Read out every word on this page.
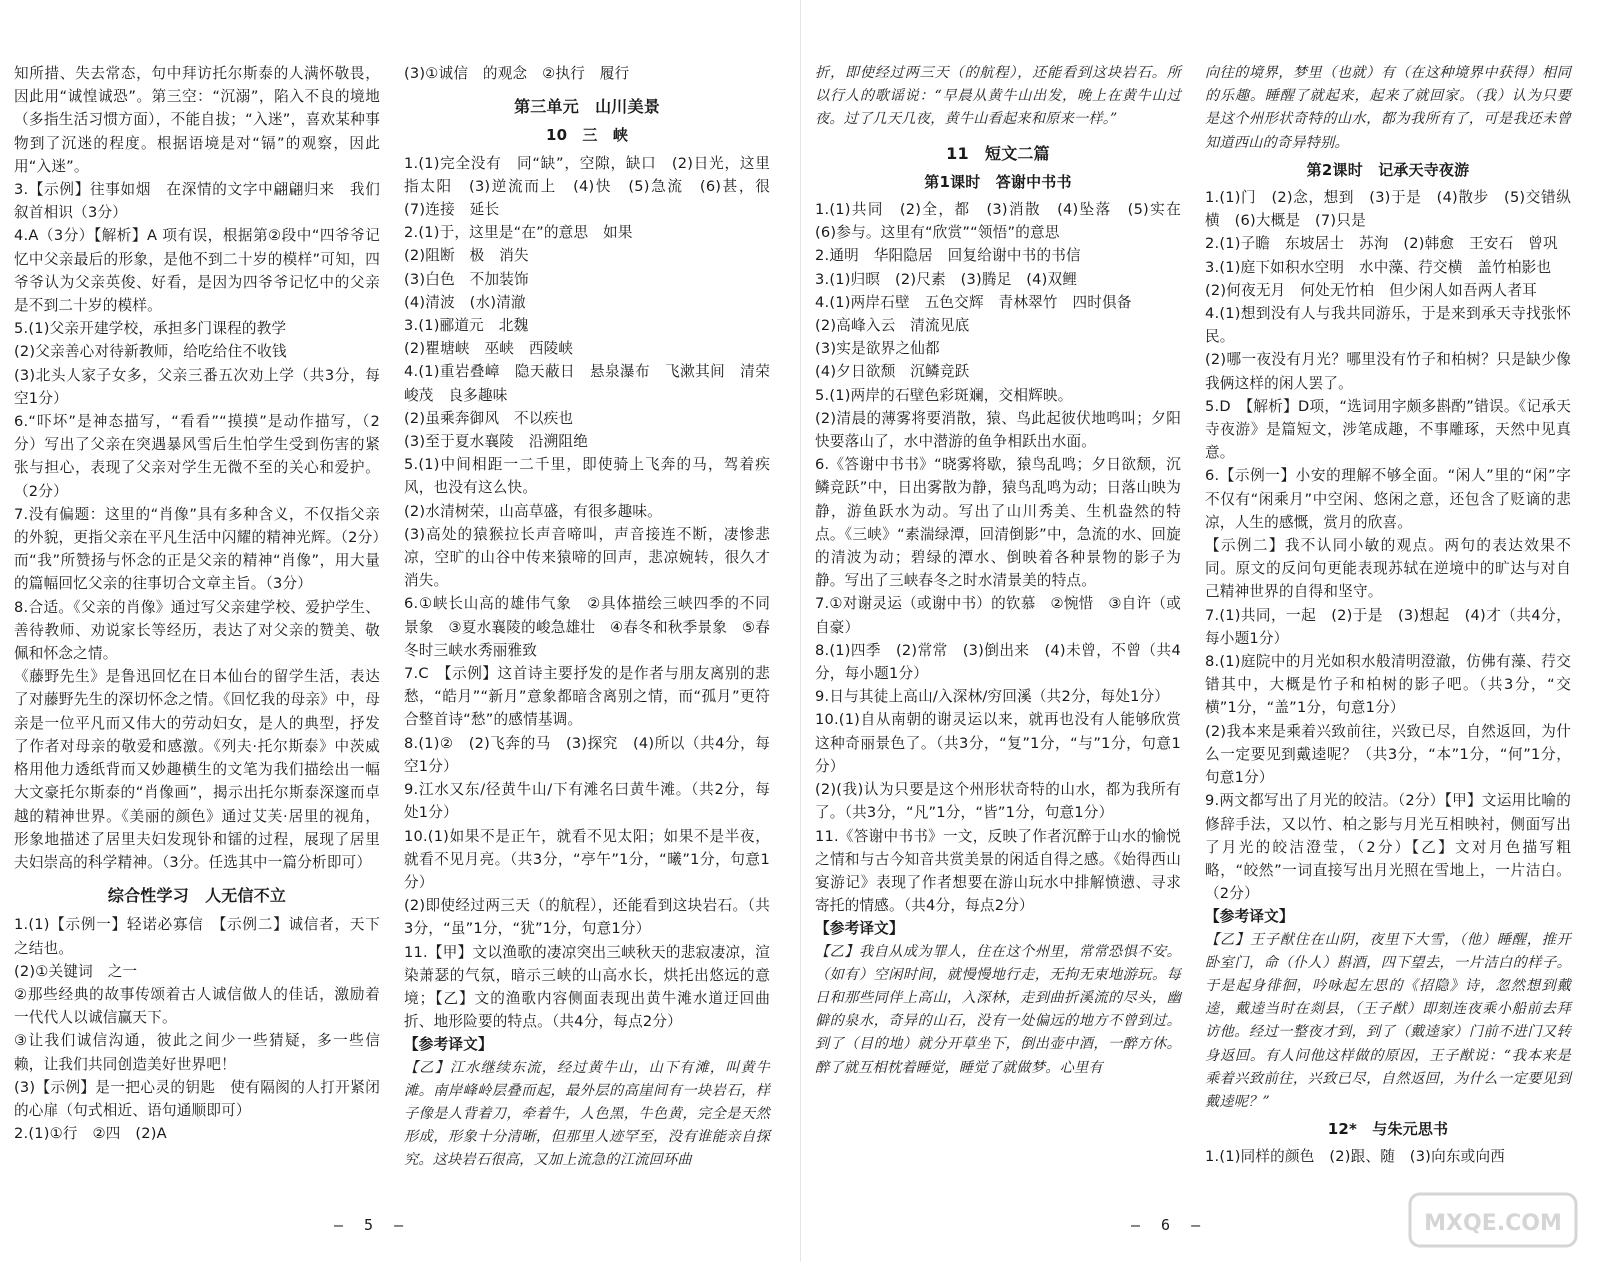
知所措、失去常态，句中拜访托尔斯泰的人满怀敬畏，因此用“诚惶诚恐”。第三空：“沉溺”，陷入不良的境地（多指生活习惯方面），不能自拔；“入迷”，喜欢某种事物到了沉迷的程度。根据语境是对“镉”的观察，因此用“入迷”。

3.【示例】往事如烟　在深情的文字中翩翩归来　我们叙首相识（3分）

4.A（3分）【解析】A 项有误，根据第②段中“四爷爷记忆中父亲最后的形象，是他不到二十岁的模样”可知，四爷爷认为父亲英俊、好看，是因为四爷爷记忆中的父亲是不到二十岁的模样。

5.(1)父亲开建学校，承担多门课程的教学

(2)父亲善心对待新教师，给吃给住不收钱

(3)北头人家子女多，父亲三番五次劝上学（共3分，每空1分）

6.“吓坏”是神态描写，“看看”“摸摸”是动作描写，（2分）写出了父亲在突遇暴风雪后生怕学生受到伤害的紧张与担心，表现了父亲对学生无微不至的关心和爱护。（2分）

7.没有偏题：这里的“肖像”具有多种含义，不仅指父亲的外貌，更指父亲在平凡生活中闪耀的精神光辉。（2分）而“我”所赞扬与怀念的正是父亲的精神“肖像”，用大量的篇幅回忆父亲的往事切合文章主旨。（3分）

8.合适。《父亲的肖像》通过写父亲建学校、爱护学生、善待教师、劝说家长等经历，表达了对父亲的赞美、敬佩和怀念之情。

《藤野先生》是鲁迅回忆在日本仙台的留学生活，表达了对藤野先生的深切怀念之情。《回忆我的母亲》中，母亲是一位平凡而又伟大的劳动妇女，是人的典型，抒发了作者对母亲的敬爱和感激。《列夫·托尔斯泰》中茨威格用他力透纸背而又妙趣横生的文笔为我们描绘出一幅大文豪托尔斯泰的“肖像画”，揭示出托尔斯泰深邃而卓越的精神世界。《美丽的颜色》通过艾芙·居里的视角，形象地描述了居里夫妇发现钋和镭的过程，展现了居里夫妇崇高的科学精神。（3分。任选其中一篇分析即可）

综合性学习　人无信不立

1.(1)【示例一】轻诺必寡信　【示例二】诚信者，天下之结也。

(2)①关键词　之一

②那些经典的故事传颂着古人诚信做人的佳话，激励着一代代人以诚信赢天下。

③让我们诚信沟通，彼此之间少一些猜疑，多一些信赖，让我们共同创造美好世界吧！

(3)【示例】是一把心灵的钥匙　使有隔阂的人打开紧闭的心扉（句式相近、语句通顺即可）

2.(1)①行　②四　(2)A

(3)①诚信　的观念　②执行　履行

第三单元　山川美景

10　三　峡

1.(1)完全没有　同“缺”，空隙，缺口　(2)日光，这里指太阳　(3)逆流而上　(4)快　(5)急流　(6)甚，很　(7)连接　延长

2.(1)于，这里是“在”的意思　如果

(2)阻断　极　消失

(3)白色　不加装饰

(4)清波　(水)清澈

3.(1)郦道元　北魏

(2)瞿塘峡　巫峡　西陵峡

4.(1)重岩叠嶂　隐天蔽日　悬泉瀑布　飞漱其间　清荣峻茂　良多趣味

(2)虽乘奔御风　不以疾也

(3)至于夏水襄陵　沿溯阻绝

5.(1)中间相距一二千里，即使骑上飞奔的马，驾着疾风，也没有这么快。

(2)水清树荣，山高草盛，有很多趣味。

(3)高处的猿猴拉长声音啼叫，声音接连不断，凄惨悲凉，空旷的山谷中传来猿啼的回声，悲凉婉转，很久才消失。

6.①峡长山高的雄伟气象　②具体描绘三峡四季的不同景象　③夏水襄陵的峻急雄壮　④春冬和秋季景象　⑤春冬时三峡水秀丽雅致

7.C　【示例】这首诗主要抒发的是作者与朋友离别的悲愁，“皓月”“新月”意象都暗含离别之情，而“孤月”更符合整首诗“愁”的感情基调。

8.(1)②　(2)飞奔的马　(3)探究　(4)所以（共4分，每空1分）

9.江水又东/径黄牛山/下有滩名曰黄牛滩。（共2分，每处1分）

10.(1)如果不是正午，就看不见太阳；如果不是半夜，就看不见月亮。（共3分，“亭午”1分，“曦”1分，句意1分）

(2)即使经过两三天（的航程），还能看到这块岩石。（共3分，“虽”1分，“犹”1分，句意1分）

11.【甲】文以渔歌的凄凉突出三峡秋天的悲寂凄凉，渲染萧瑟的气氛，暗示三峡的山高水长，烘托出悠远的意境；【乙】文的渔歌内容侧面表现出黄牛滩水道迂回曲折、地形险要的特点。（共4分，每点2分）

【参考译文】

【乙】江水继续东流，经过黄牛山，山下有滩，叫黄牛滩。南岸峰岭层叠而起，最外层的高崖间有一块岩石，样子像是人背着刀，牵着牛，人色黑，牛色黄，完全是天然形成，形象十分清晰，但那里人迹罕至，没有谁能亲自探究。这块岩石很高，又加上流急的江流回环曲

– 5 –

折，即使经过两三天（的航程），还能看到这块岩石。所以行人的歌谣说：“早晨从黄牛山出发，晚上在黄牛山过夜。过了几天几夜，黄牛山看起来和原来一样。”

11　短文二篇

第1课时　答谢中书书

1.(1)共同　(2)全，都　(3)消散　(4)坠落　(5)实在　(6)参与。这里有“欣赏”“领悟”的意思

2.通明　华阳隐居　回复给谢中书的书信

3.(1)归暝　(2)尺素　(3)腾足　(4)双鲤

4.(1)两岸石壁　五色交辉　青林翠竹　四时俱备

(2)高峰入云　清流见底

(3)实是欲界之仙都

(4)夕日欲颓　沉鳞竞跃

5.(1)两岸的石壁色彩斑斓，交相辉映。

(2)清晨的薄雾将要消散，猿、鸟此起彼伏地鸣叫；夕阳快要落山了，水中潜游的鱼争相跃出水面。

6.《答谢中书书》“晓雾将歇，猿鸟乱鸣；夕日欲颓，沉鳞竞跃”中，日出雾散为静，猿鸟乱鸣为动；日落山映为静，游鱼跃水为动。写出了山川秀美、生机盎然的特点。《三峡》“素湍绿潭，回清倒影”中，急流的水、回旋的清波为动；碧绿的潭水、倒映着各种景物的影子为静。写出了三峡春冬之时水清景美的特点。

7.①对谢灵运（或谢中书）的钦慕　②惋惜　③自许（或自豪）

8.(1)四季　(2)常常　(3)倒出来　(4)未曾，不曾（共4分，每小题1分）

9.日与其徒上高山/入深林/穷回溪（共2分，每处1分）

10.(1)自从南朝的谢灵运以来，就再也没有人能够欣赏这种奇丽景色了。（共3分，“复”1分，“与”1分，句意1分）

(2)(我)认为只要是这个州形状奇特的山水，都为我所有了。（共3分，“凡”1分，“皆”1分，句意1分）

11.《答谢中书书》一文，反映了作者沉醉于山水的愉悦之情和与古今知音共赏美景的闲适自得之感。《始得西山宴游记》表现了作者想要在游山玩水中排解愤懑、寻求寄托的情感。（共4分，每点2分）

【参考译文】

【乙】我自从成为罪人，住在这个州里，常常恐惧不安。（如有）空闲时间，就慢慢地行走，无拘无束地游玩。每日和那些同伴上高山，入深林，走到曲折溪流的尽头，幽僻的泉水，奇异的山石，没有一处偏远的地方不曾到过。到了（目的地）就分开草坐下，倒出壶中酒，一醉方休。醉了就互相枕着睡觉，睡觉了就做梦。心里有

向往的境界，梦里（也就）有（在这种境界中获得）相同的乐趣。睡醒了就起来，起来了就回家。（我）认为只要是这个州形状奇特的山水，都为我所有了，可是我还未曾知道西山的奇异特别。

第2课时　记承天寺夜游

1.(1)门　(2)念，想到　(3)于是　(4)散步　(5)交错纵横　(6)大概是　(7)只是

2.(1)子瞻　东坡居士　苏洵　(2)韩愈　王安石　曾巩

3.(1)庭下如积水空明　水中藻、荇交横　盖竹柏影也

(2)何夜无月　何处无竹柏　但少闲人如吾两人者耳

4.(1)想到没有人与我共同游乐，于是来到承天寺找张怀民。

(2)哪一夜没有月光？哪里没有竹子和柏树？只是缺少像我俩这样的闲人罢了。

5.D　【解析】D项，“选词用字颇多斟酌”错误。《记承天寺夜游》是篇短文，涉笔成趣，不事雕琢，天然中见真意。

6.【示例一】小安的理解不够全面。“闲人”里的“闲”字不仅有“闲乘月”中空闲、悠闲之意，还包含了贬谪的悲凉，人生的感慨，赏月的欣喜。

【示例二】我不认同小敏的观点。两句的表达效果不同。原文的反问句更能表现苏轼在逆境中的旷达与对自己精神世界的自得和坚守。

7.(1)共同，一起　(2)于是　(3)想起　(4)才（共4分，每小题1分）

8.(1)庭院中的月光如积水般清明澄澈，仿佛有藻、荇交错其中，大概是竹子和柏树的影子吧。（共3分，“交横”1分，“盖”1分，句意1分）

(2)我本来是乘着兴致前往，兴致已尽，自然返回，为什么一定要见到戴逵呢？（共3分，“本”1分，“何”1分，句意1分）

9.两文都写出了月光的皎洁。（2分）【甲】文运用比喻的修辞手法，又以竹、柏之影与月光互相映衬，侧面写出了月光的皎洁澄莹，（2分）【乙】文对月色描写粗略，“皎然”一词直接写出月光照在雪地上，一片洁白。（2分）

【参考译文】

【乙】王子猷住在山阴，夜里下大雪，（他）睡醒，推开卧室门，命（仆人）斟酒，四下望去，一片洁白的样子。于是起身徘徊，吟咏起左思的《招隐》诗，忽然想到戴逵，戴逵当时在剡县，（王子猷）即刻连夜乘小船前去拜访他。经过一整夜才到，到了（戴逵家）门前不进门又转身返回。有人问他这样做的原因，王子猷说：“我本来是乘着兴致前往，兴致已尽，自然返回，为什么一定要见到戴逵呢？”

12*　与朱元思书

1.(1)同样的颜色　(2)跟、随　(3)向东或向西

– 6 –	MXQE.COM
